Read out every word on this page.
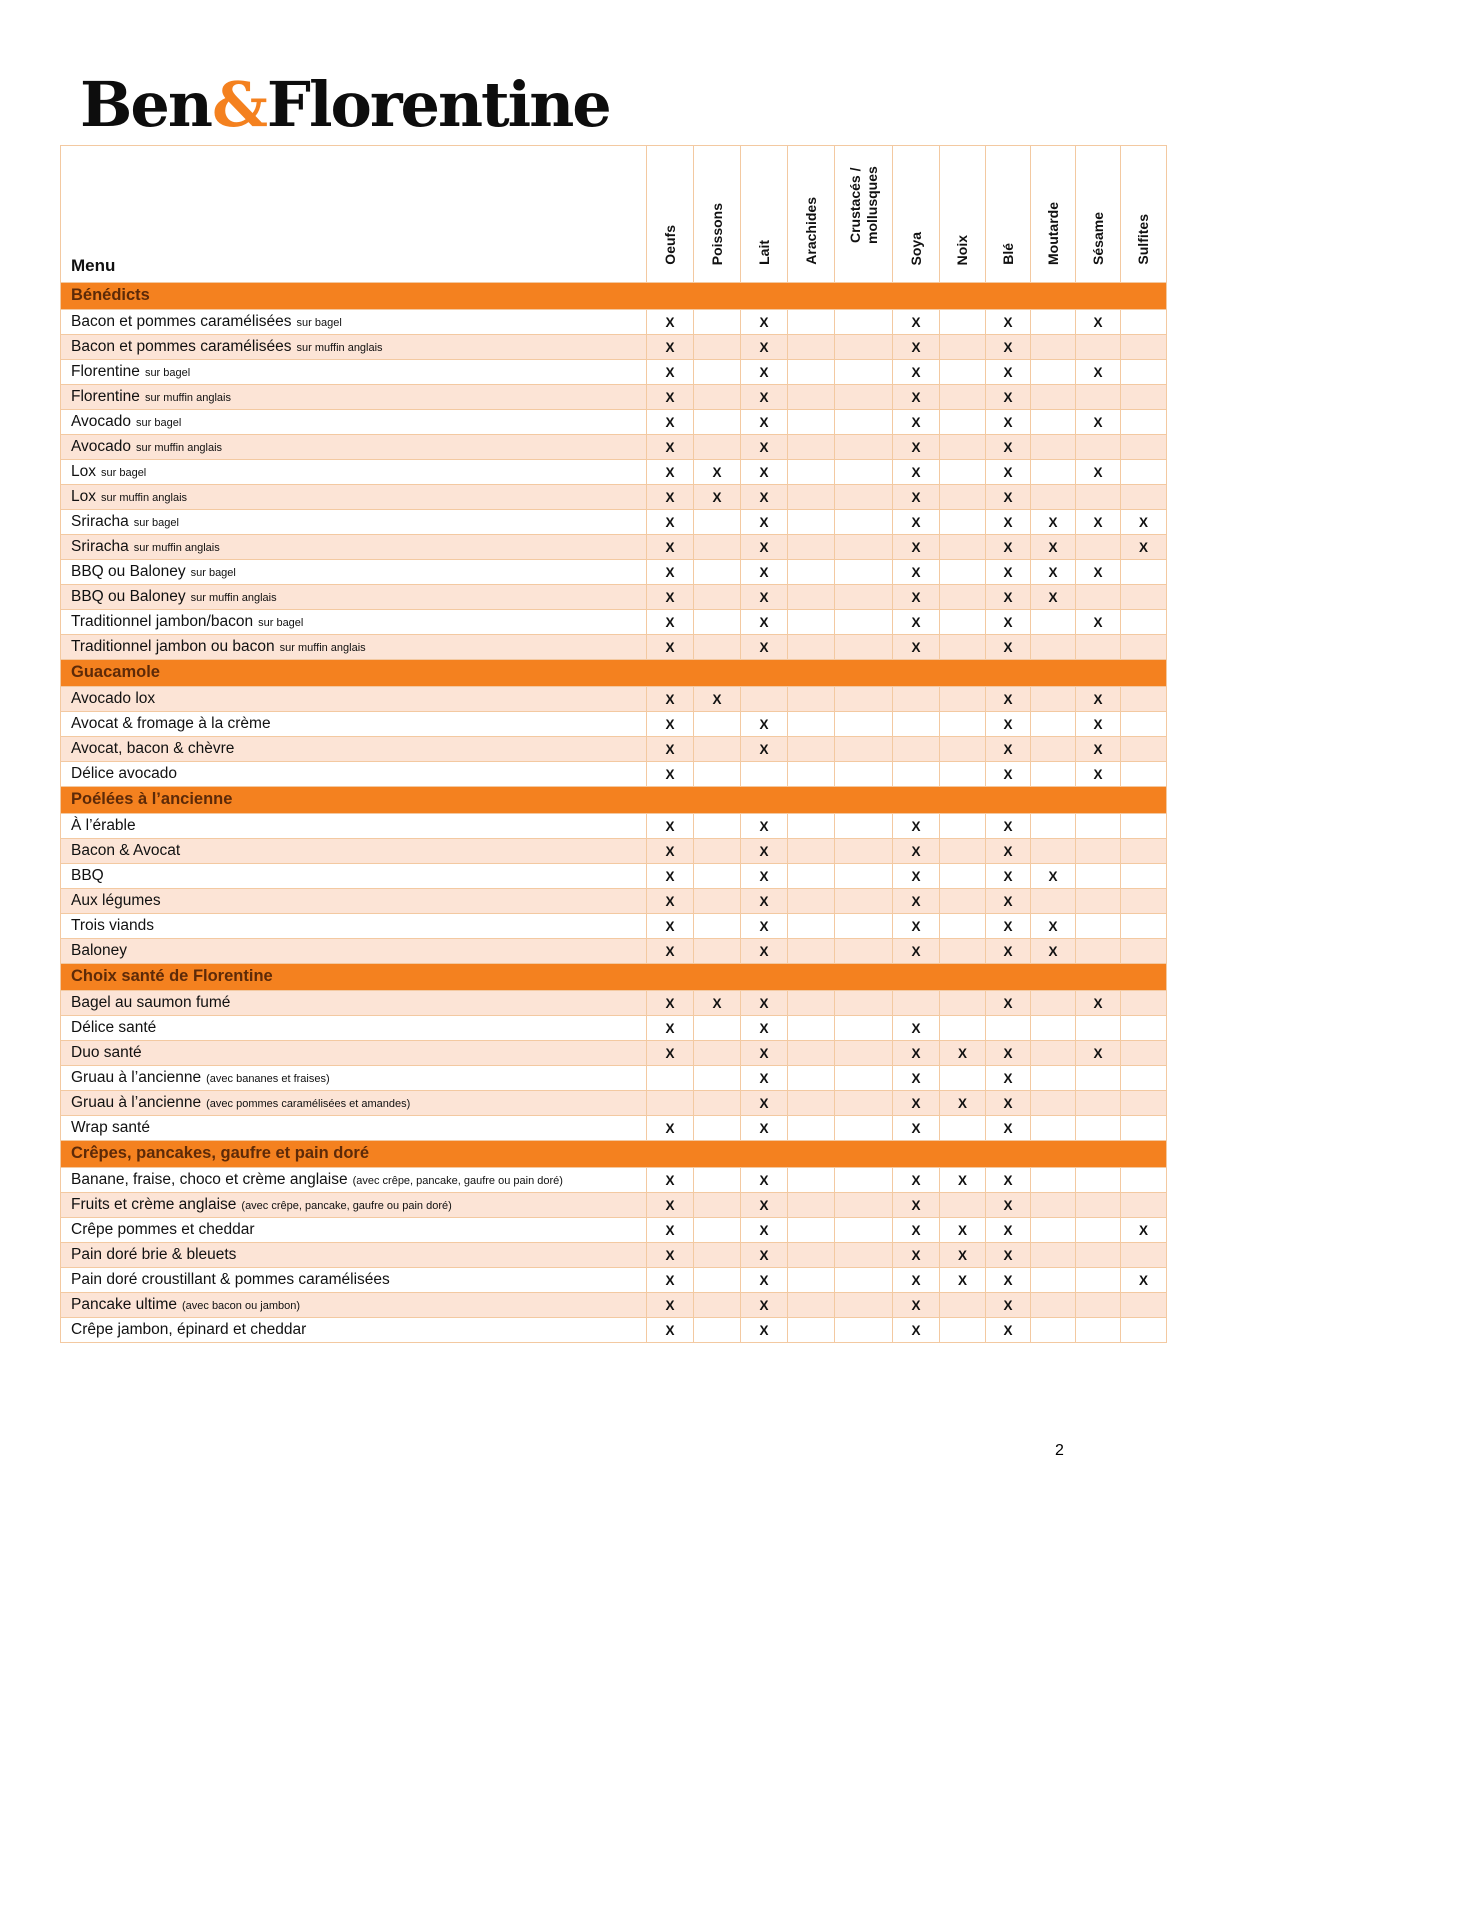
Ben&Florentine
Menu	Oeufs	Poissons	Lait	Arachides	Crustacés / mollusques	Soya	Noix	Blé	Moutarde	Sésame	Sulfites
Bénédicts											
Bacon et pommes caramélisées sur bagel	X		X			X		X		X	
Bacon et pommes caramélisées sur muffin anglais	X		X			X		X			
Florentine sur bagel	X		X			X		X		X	
Florentine sur muffin anglais	X		X			X		X			
Avocado sur bagel	X		X			X		X		X	
Avocado sur muffin anglais	X		X			X		X			
Lox sur bagel	X	X	X			X		X		X	
Lox sur muffin anglais	X	X	X			X		X			
Sriracha sur bagel	X		X			X		X	X	X	X
Sriracha sur muffin anglais	X		X			X		X	X		X
BBQ ou Baloney sur bagel	X		X			X		X	X	X	
BBQ ou Baloney sur muffin anglais	X		X			X		X	X		
Traditionnel jambon/bacon sur bagel	X		X			X		X		X	
Traditionnel jambon ou bacon sur muffin anglais	X		X			X		X			
Guacamole											
Avocado lox	X	X						X		X	
Avocat & fromage à la crème	X		X					X		X	
Avocat, bacon & chèvre	X		X					X		X	
Délice avocado	X							X		X	
Poélées à l’ancienne											
À l’érable	X		X			X		X			
Bacon & Avocat	X		X			X		X			
BBQ	X		X			X		X	X		
Aux légumes	X		X			X		X			
Trois viands	X		X			X		X	X		
Baloney	X		X			X		X	X		
Choix santé de Florentine											
Bagel au saumon fumé	X	X	X					X		X	
Délice santé	X		X			X					
Duo santé	X		X			X	X	X		X	
Gruau à l’ancienne (avec bananes et fraises)			X			X		X			
Gruau à l’ancienne (avec pommes caramélisées et amandes)			X			X	X	X			
Wrap santé	X		X			X		X			
Crêpes, pancakes, gaufre et pain doré											
Banane, fraise, choco et crème anglaise (avec crêpe, pancake, gaufre ou pain doré)	X		X			X	X	X			
Fruits et crème anglaise (avec crêpe, pancake, gaufre ou pain doré)	X		X			X		X			
Crêpe pommes et cheddar	X		X			X	X	X			X
Pain doré brie & bleuets	X		X			X	X	X			
Pain doré croustillant & pommes caramélisées	X		X			X	X	X			X
Pancake ultime (avec bacon ou jambon)	X		X			X		X			
Crêpe jambon, épinard et cheddar	X		X			X		X			
2
